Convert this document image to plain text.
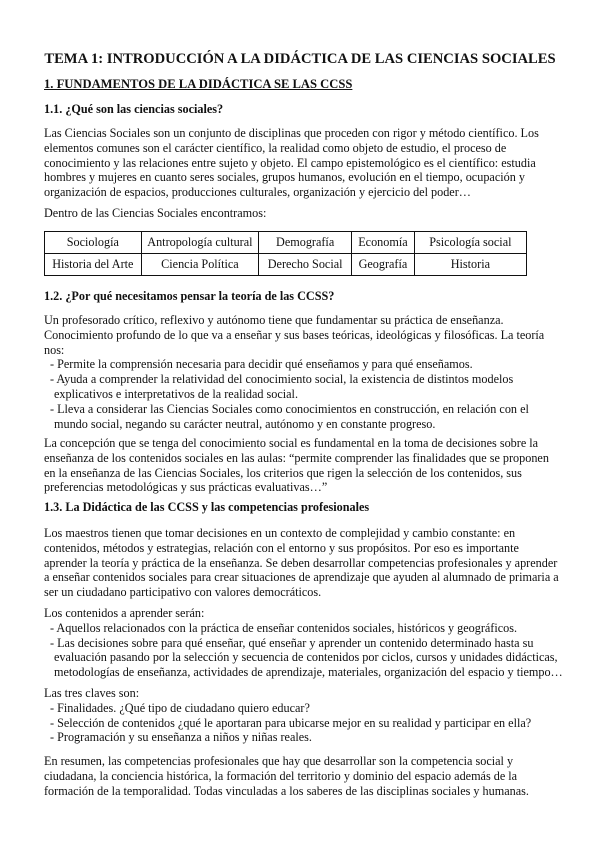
TEMA 1: INTRODUCCIÓN A LA DIDÁCTICA DE LAS CIENCIAS SOCIALES
1. FUNDAMENTOS DE LA DIDÁCTICA SE LAS CCSS
1.1. ¿Qué son las ciencias sociales?
Las Ciencias Sociales son un conjunto de disciplinas que proceden con rigor y método científico. Los
elementos comunes son el carácter científico, la realidad como objeto de estudio, el proceso de
conocimiento y las relaciones entre sujeto y objeto. El campo epistemológico es el científico: estudia
hombres y mujeres en cuanto seres sociales, grupos humanos, evolución en el tiempo, ocupación y
organización de espacios, producciones culturales, organización y ejercicio del poder…
Dentro de las Ciencias Sociales encontramos:
Sociología	Antropología cultural	Demografía	Economía	Psicología social
Historia del Arte	Ciencia Política	Derecho Social	Geografía	Historia
1.2. ¿Por qué necesitamos pensar la teoría de las CCSS?
Un profesorado crítico, reflexivo y autónomo tiene que fundamentar su práctica de enseñanza.
Conocimiento profundo de lo que va a enseñar y sus bases teóricas, ideológicas y filosóficas. La teoría
nos:
- Permite la comprensión necesaria para decidir qué enseñamos y para qué enseñamos.
- Ayuda a comprender la relatividad del conocimiento social, la existencia de distintos modelos
explicativos e interpretativos de la realidad social.
- Lleva a considerar las Ciencias Sociales como conocimientos en construcción, en relación con el
mundo social, negando su carácter neutral, autónomo y en constante progreso.
La concepción que se tenga del conocimiento social es fundamental en la toma de decisiones sobre la
enseñanza de los contenidos sociales en las aulas: “permite comprender las finalidades que se proponen
en la enseñanza de las Ciencias Sociales, los criterios que rigen la selección de los contenidos, sus
preferencias metodológicas y sus prácticas evaluativas…”
1.3. La Didáctica de las CCSS y las competencias profesionales
Los maestros tienen que tomar decisiones en un contexto de complejidad y cambio constante: en
contenidos, métodos y estrategias, relación con el entorno y sus propósitos. Por eso es importante
aprender la teoría y práctica de la enseñanza. Se deben desarrollar competencias profesionales y aprender
a enseñar contenidos sociales para crear situaciones de aprendizaje que ayuden al alumnado de primaria a
ser un ciudadano participativo con valores democráticos.
Los contenidos a aprender serán:
- Aquellos relacionados con la práctica de enseñar contenidos sociales, históricos y geográficos.
- Las decisiones sobre para qué enseñar, qué enseñar y aprender un contenido determinado hasta su
evaluación pasando por la selección y secuencia de contenidos por ciclos, cursos y unidades didácticas,
metodologías de enseñanza, actividades de aprendizaje, materiales, organización del espacio y tiempo…
Las tres claves son:
- Finalidades. ¿Qué tipo de ciudadano quiero educar?
- Selección de contenidos ¿qué le aportaran para ubicarse mejor en su realidad y participar en ella?
- Programación y su enseñanza a niños y niñas reales.
En resumen, las competencias profesionales que hay que desarrollar son la competencia social y
ciudadana, la conciencia histórica, la formación del territorio y dominio del espacio además de la
formación de la temporalidad. Todas vinculadas a los saberes de las disciplinas sociales y humanas.
